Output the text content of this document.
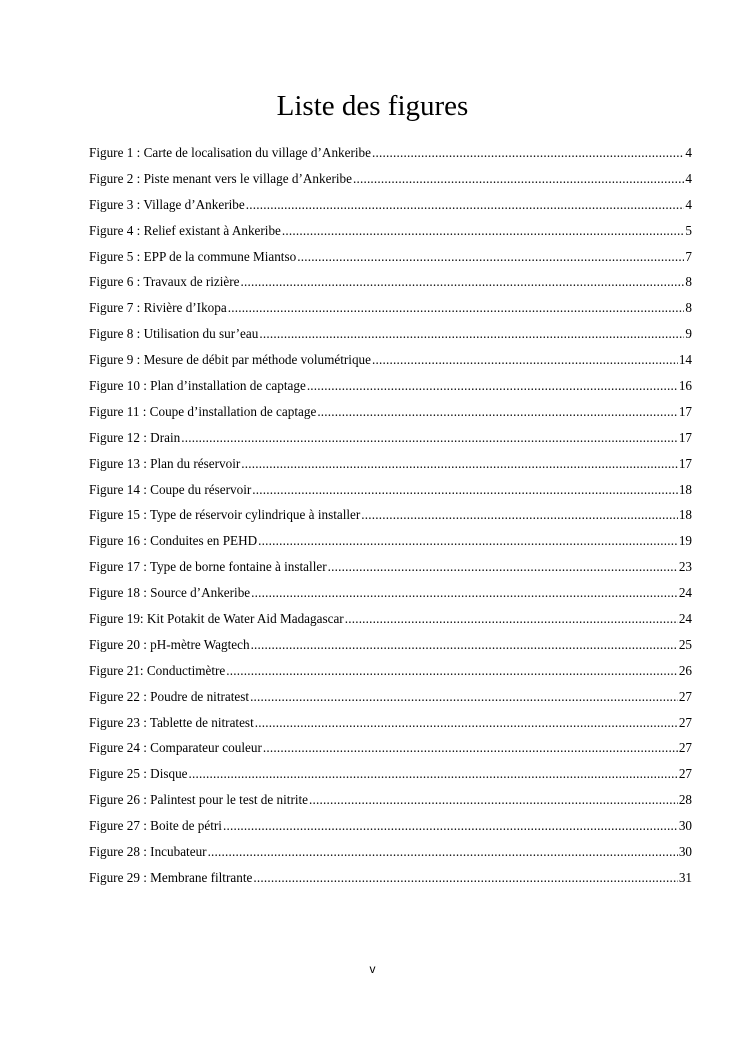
Liste des figures
Figure 1 : Carte de localisation du village d’Ankeribe .....	4
Figure 2 : Piste menant vers le village d’Ankeribe .....	4
Figure 3 : Village d’Ankeribe .....	4
Figure 4 : Relief existant à Ankeribe .....	5
Figure 5 : EPP de la commune Miantso .....	7
Figure 6 : Travaux de rizière .....	8
Figure 7 : Rivière d’Ikopa .....	8
Figure 8 : Utilisation du sur’eau .....	9
Figure 9 : Mesure de débit par méthode volumétrique .....	14
Figure 10 : Plan d’installation de captage .....	16
Figure 11 : Coupe d’installation de captage .....	17
Figure 12 : Drain .....	17
Figure 13 : Plan du réservoir .....	17
Figure 14 : Coupe du réservoir .....	18
Figure 15 : Type de réservoir cylindrique à installer .....	18
Figure 16 : Conduites en PEHD .....	19
Figure 17 : Type de borne fontaine à installer .....	23
Figure 18 : Source d’Ankeribe .....	24
Figure 19: Kit Potakit de Water Aid Madagascar .....	24
Figure 20 : pH-mètre Wagtech .....	25
Figure 21: Conductimètre .....	26
Figure 22 : Poudre de nitratest .....	27
Figure 23 : Tablette de nitratest .....	27
Figure 24 : Comparateur couleur .....	27
Figure 25 : Disque .....	27
Figure 26 : Palintest pour le test de nitrite .....	28
Figure 27 : Boite de pétri .....	30
Figure 28 : Incubateur .....	30
Figure 29 : Membrane filtrante .....	31
v
